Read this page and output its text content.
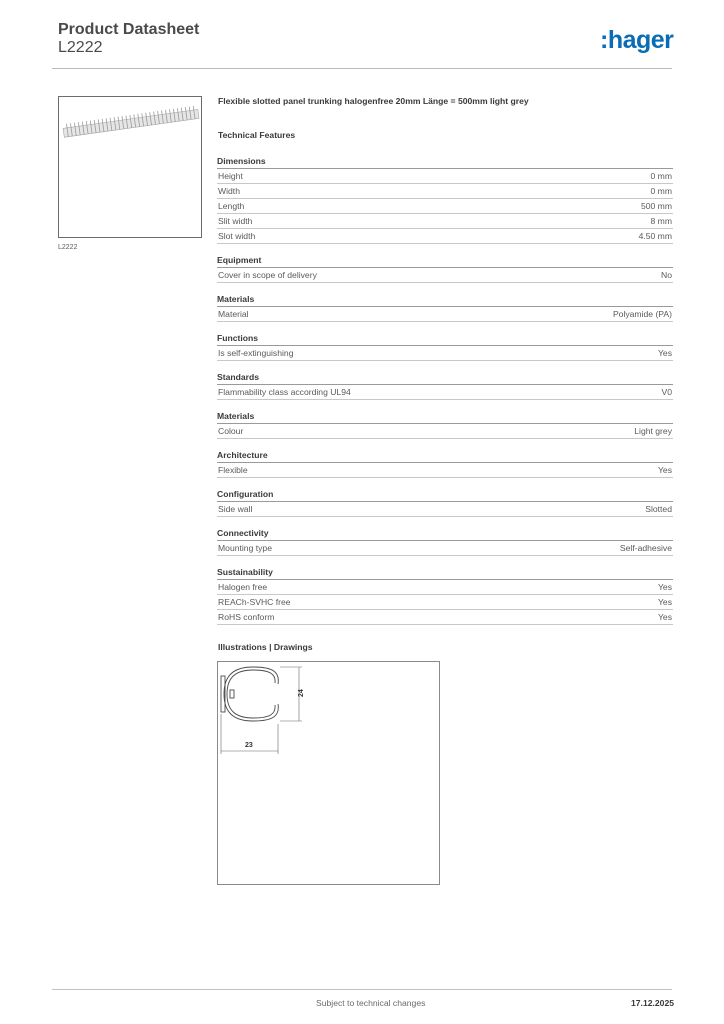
Product Datasheet
L2222	:hager
L2222
Flexible slotted panel trunking halogenfree 20mm Länge = 500mm light grey
Technical Features
Dimensions
Height	0 mm
Width	0 mm
Length	500 mm
Slit width	8 mm
Slot width	4.50 mm
Equipment
Cover in scope of delivery	No
Materials
Material	Polyamide (PA)
Functions
Is self-extinguishing	Yes
Standards
Flammability class according UL94	V0
Materials
Colour	Light grey
Architecture
Flexible	Yes
Configuration
Side wall	Slotted
Connectivity
Mounting type	Self-adhesive
Sustainability
Halogen free	Yes
REACh-SVHC free	Yes
RoHS conform	Yes
Illustrations | Drawings
24
23
Subject to technical changes	17.12.2025
